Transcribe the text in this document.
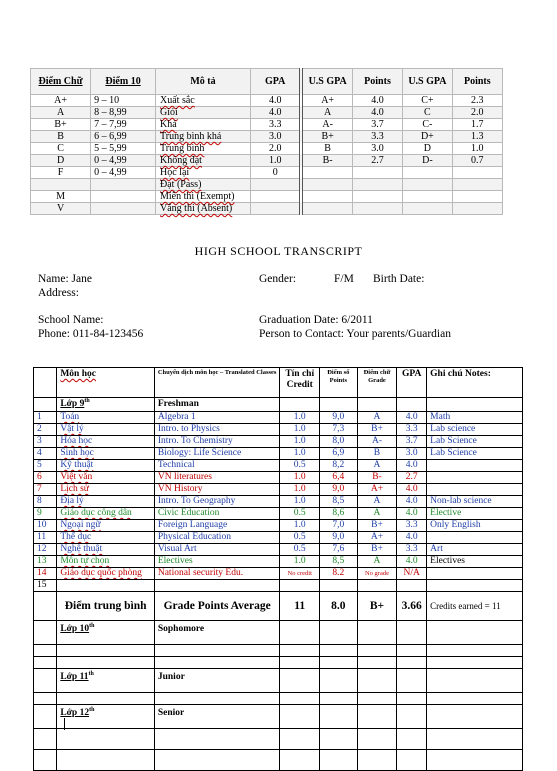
Điểm Chữ	Điểm 10	Mô tả	GPA	U.S GPA	Points	U.S GPA	Points
A+	9 – 10	Xuất sắc	4.0	A+	4.0	C+	2.3
A	8 – 8,99	Giỏi	4.0	A	4.0	C	2.0
B+	7 – 7,99	Khá	3.3	A-	3.7	C-	1.7
B	6 – 6,99	Trung bình khá	3.0	B+	3.3	D+	1.3
C	5 – 5,99	Trung bình	2.0	B	3.0	D	1.0
D	0 – 4,99	Không đạt	1.0	B-	2.7	D-	0.7
F	0 – 4,99	Học lại	0				
		Đạt (Pass)					
M		Miễn thi (Exempt)					
V		Vắng thi (Absent)					
HIGH SCHOOL TRANSCRIPT
Name: Jane
Address:
Gender:	F/M Birth Date:
School Name:
Phone: 011-84-123456
Graduation Date: 6/2011
Person to Contact: Your parents/Guardian
	Môn học	Chuyển dịch môn học – Translated Classes	Tín chỉ Credit	Điểm số Points	Điểm chữ Grade	GPA	Ghi chú Notes:
	Lớp 9th	Freshman					
1	Toán	Algebra 1	1.0	9,0	A	4.0	Math
2	Vật lý	Intro. to Physics	1.0	7,3	B+	3.3	Lab science
3	Hóa học	Intro. To Chemistry	1.0	8,0	A-	3.7	Lab Science
4	Sinh học	Biology: Life Science	1.0	6,9	B	3.0	Lab Science
5	Kỹ thuật	Technical	0.5	8,2	A	4.0	
6	Việt văn	VN literatures	1.0	6,4	B-	2.7	
7	Lịch sử	VN History	1.0	9,0	A+	4.0	
8	Địa lý	Intro. To Geography	1.0	8,5	A	4.0	Non-lab science
9	Giáo dục công dân	Civic Education	0.5	8,6	A	4.0	Elective
10	Ngoại ngữ	Foreign Language	1.0	7,0	B+	3.3	Only English
11	Thể dục	Physical Education	0.5	9,0	A+	4.0	
12	Nghệ thuật	Visual Art	0.5	7,6	B+	3.3	Art
13	Môn tự chọn	Electives	1.0	8,5	A	4.0	Electives
14	Giáo dục quốc phòng	National security Edu.	No credit	8.2	No grade	N/A	
15							
	Điểm trung bình	Grade Points Average	11	8.0	B+	3.66	Credits earned = 11
	Lớp 10th	Sophomore					

	Lớp 11th	Junior					

	Lớp 12th	Senior					
